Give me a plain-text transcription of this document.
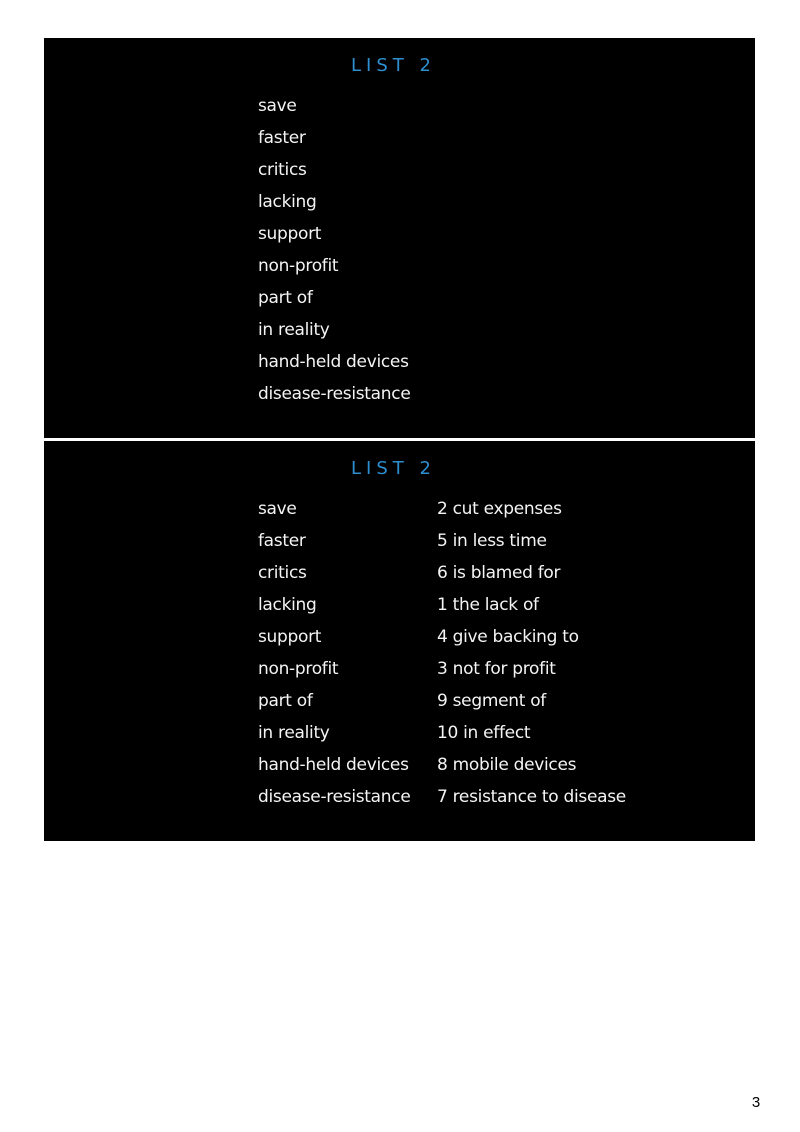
LIST 2
save
faster
critics
lacking
support
non-profit
part of
in reality
hand-held devices
disease-resistance
LIST 2
save
faster
critics
lacking
support
non-profit
part of
in reality
hand-held devices
disease-resistance
2 cut expenses
5 in less time
6 is blamed for
1 the lack of
4 give backing to
3 not for profit
9 segment of
10 in effect
8 mobile devices
7 resistance to disease
3
